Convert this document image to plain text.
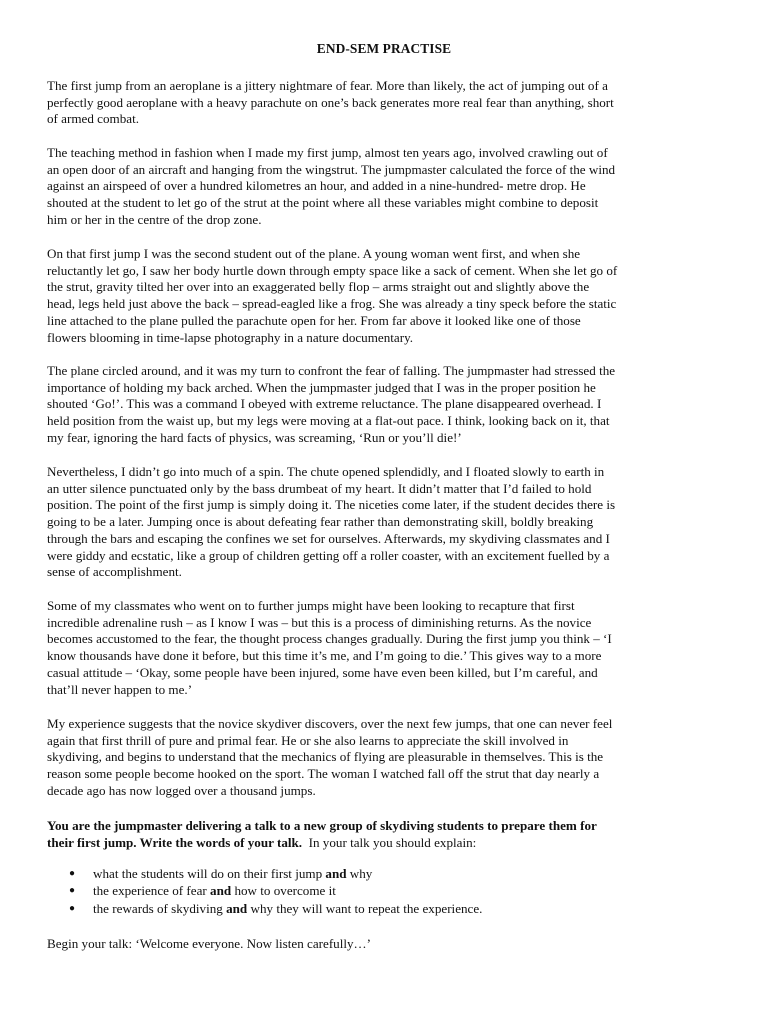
END-SEM PRACTISE

The first jump from an aeroplane is a jittery nightmare of fear. More than likely, the act of jumping out of a
perfectly good aeroplane with a heavy parachute on one’s back generates more real fear than anything, short
of armed combat.

The teaching method in fashion when I made my first jump, almost ten years ago, involved crawling out of
an open door of an aircraft and hanging from the wingstrut. The jumpmaster calculated the force of the wind
against an airspeed of over a hundred kilometres an hour, and added in a nine-hundred- metre drop. He
shouted at the student to let go of the strut at the point where all these variables might combine to deposit
him or her in the centre of the drop zone.

On that first jump I was the second student out of the plane. A young woman went first, and when she
reluctantly let go, I saw her body hurtle down through empty space like a sack of cement. When she let go of
the strut, gravity tilted her over into an exaggerated belly flop – arms straight out and slightly above the
head, legs held just above the back – spread-eagled like a frog. She was already a tiny speck before the static
line attached to the plane pulled the parachute open for her. From far above it looked like one of those
flowers blooming in time-lapse photography in a nature documentary.

The plane circled around, and it was my turn to confront the fear of falling. The jumpmaster had stressed the
importance of holding my back arched. When the jumpmaster judged that I was in the proper position he
shouted ‘Go!’. This was a command I obeyed with extreme reluctance. The plane disappeared overhead. I
held position from the waist up, but my legs were moving at a flat-out pace. I think, looking back on it, that
my fear, ignoring the hard facts of physics, was screaming, ‘Run or you’ll die!’

Nevertheless, I didn’t go into much of a spin. The chute opened splendidly, and I floated slowly to earth in
an utter silence punctuated only by the bass drumbeat of my heart. It didn’t matter that I’d failed to hold
position. The point of the first jump is simply doing it. The niceties come later, if the student decides there is
going to be a later. Jumping once is about defeating fear rather than demonstrating skill, boldly breaking
through the bars and escaping the confines we set for ourselves. Afterwards, my skydiving classmates and I
were giddy and ecstatic, like a group of children getting off a roller coaster, with an excitement fuelled by a
sense of accomplishment.

Some of my classmates who went on to further jumps might have been looking to recapture that first
incredible adrenaline rush – as I know I was – but this is a process of diminishing returns. As the novice
becomes accustomed to the fear, the thought process changes gradually. During the first jump you think – ‘I
know thousands have done it before, but this time it’s me, and I’m going to die.’ This gives way to a more
casual attitude – ‘Okay, some people have been injured, some have even been killed, but I’m careful, and
that’ll never happen to me.’

My experience suggests that the novice skydiver discovers, over the next few jumps, that one can never feel
again that first thrill of pure and primal fear. He or she also learns to appreciate the skill involved in
skydiving, and begins to understand that the mechanics of flying are pleasurable in themselves. This is the
reason some people become hooked on the sport. The woman I watched fall off the strut that day nearly a
decade ago has now logged over a thousand jumps.

You are the jumpmaster delivering a talk to a new group of skydiving students to prepare them for
their first jump. Write the words of your talk.  In your talk you should explain:

● what the students will do on their first jump and why
● the experience of fear and how to overcome it
● the rewards of skydiving and why they will want to repeat the experience.

Begin your talk: ‘Welcome everyone. Now listen carefully…’
